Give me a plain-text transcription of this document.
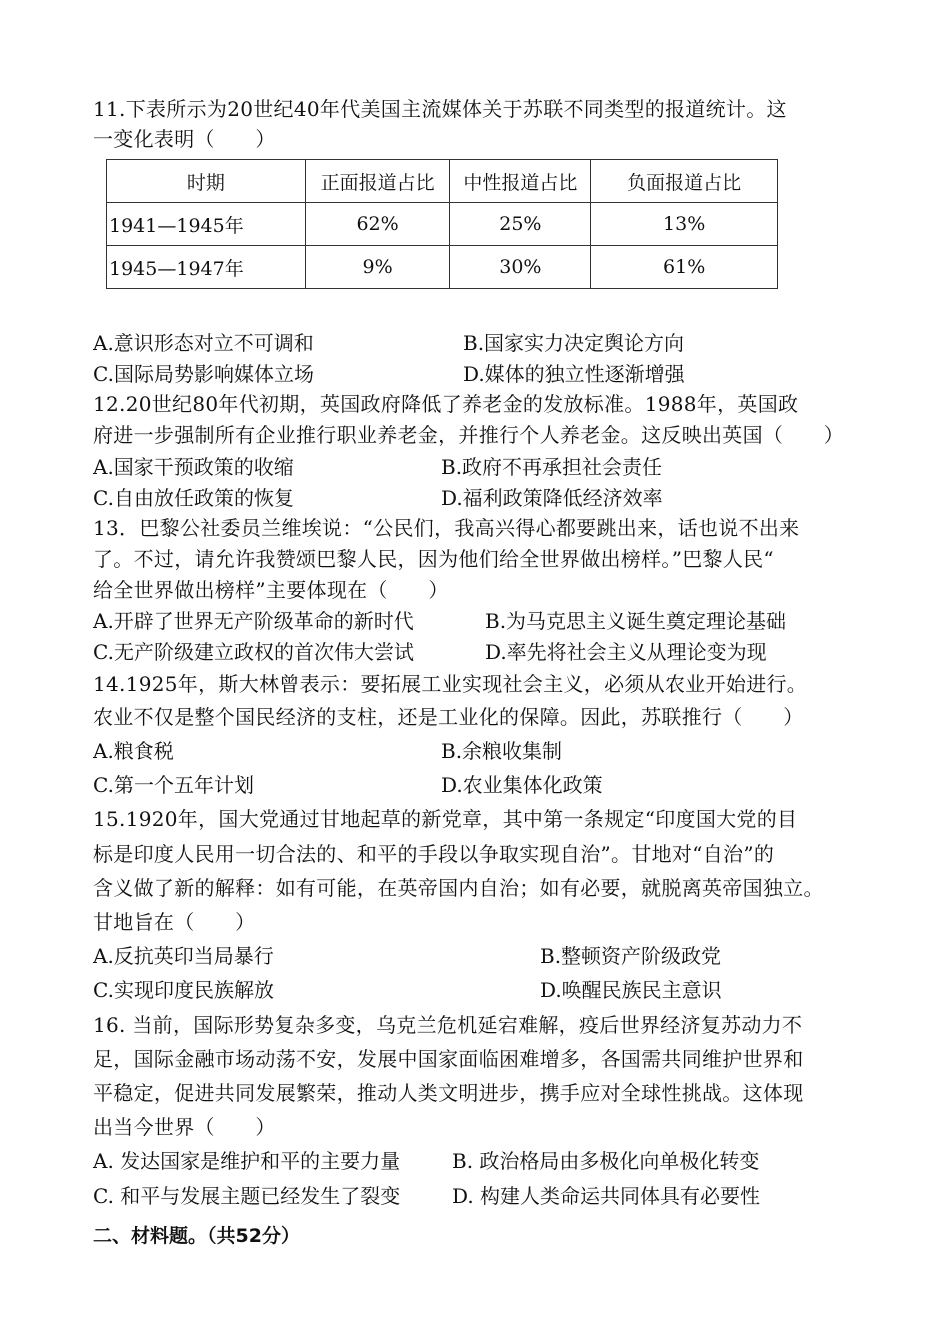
11.下表所示为20世纪40年代美国主流媒体关于苏联不同类型的报道统计。这
一变化表明（　　）
时期	正面报道占比	中性报道占比	负面报道占比
1941—1945年	62%	25%	13%
1945—1947年	9%	30%	61%
A.意识形态对立不可调和	B.国家实力决定舆论方向
C.国际局势影响媒体立场	D.媒体的独立性逐渐增强
12.20世纪80年代初期，英国政府降低了养老金的发放标准。1988年，英国政
府进一步强制所有企业推行职业养老金，并推行个人养老金。这反映出英国（　　）
A.国家干预政策的收缩	B.政府不再承担社会责任
C.自由放任政策的恢复	D.福利政策降低经济效率
13．巴黎公社委员兰维埃说：“公民们，我高兴得心都要跳出来，话也说不出来
了。不过，请允许我赞颂巴黎人民，因为他们给全世界做出榜样。”巴黎人民“
给全世界做出榜样”主要体现在（　　）
A.开辟了世界无产阶级革命的新时代	B.为马克思主义诞生奠定理论基础
C.无产阶级建立政权的首次伟大尝试	D.率先将社会主义从理论变为现
14.1925年，斯大林曾表示：要拓展工业实现社会主义，必须从农业开始进行。
农业不仅是整个国民经济的支柱，还是工业化的保障。因此，苏联推行（　　）
A.粮食税	B.余粮收集制
C.第一个五年计划	D.农业集体化政策
15.1920年，国大党通过甘地起草的新党章，其中第一条规定“印度国大党的目
标是印度人民用一切合法的、和平的手段以争取实现自治”。甘地对“自治”的
含义做了新的解释：如有可能，在英帝国内自治；如有必要，就脱离英帝国独立。
甘地旨在（　　）
A.反抗英印当局暴行	B.整顿资产阶级政党
C.实现印度民族解放	D.唤醒民族民主意识
16. 当前，国际形势复杂多变，乌克兰危机延宕难解，疫后世界经济复苏动力不
足，国际金融市场动荡不安，发展中国家面临困难增多，各国需共同维护世界和
平稳定，促进共同发展繁荣，推动人类文明进步，携手应对全球性挑战。这体现
出当今世界（　　）
A. 发达国家是维护和平的主要力量	B. 政治格局由多极化向单极化转变
C. 和平与发展主题已经发生了裂变	D. 构建人类命运共同体具有必要性
二、材料题。（共52分）
